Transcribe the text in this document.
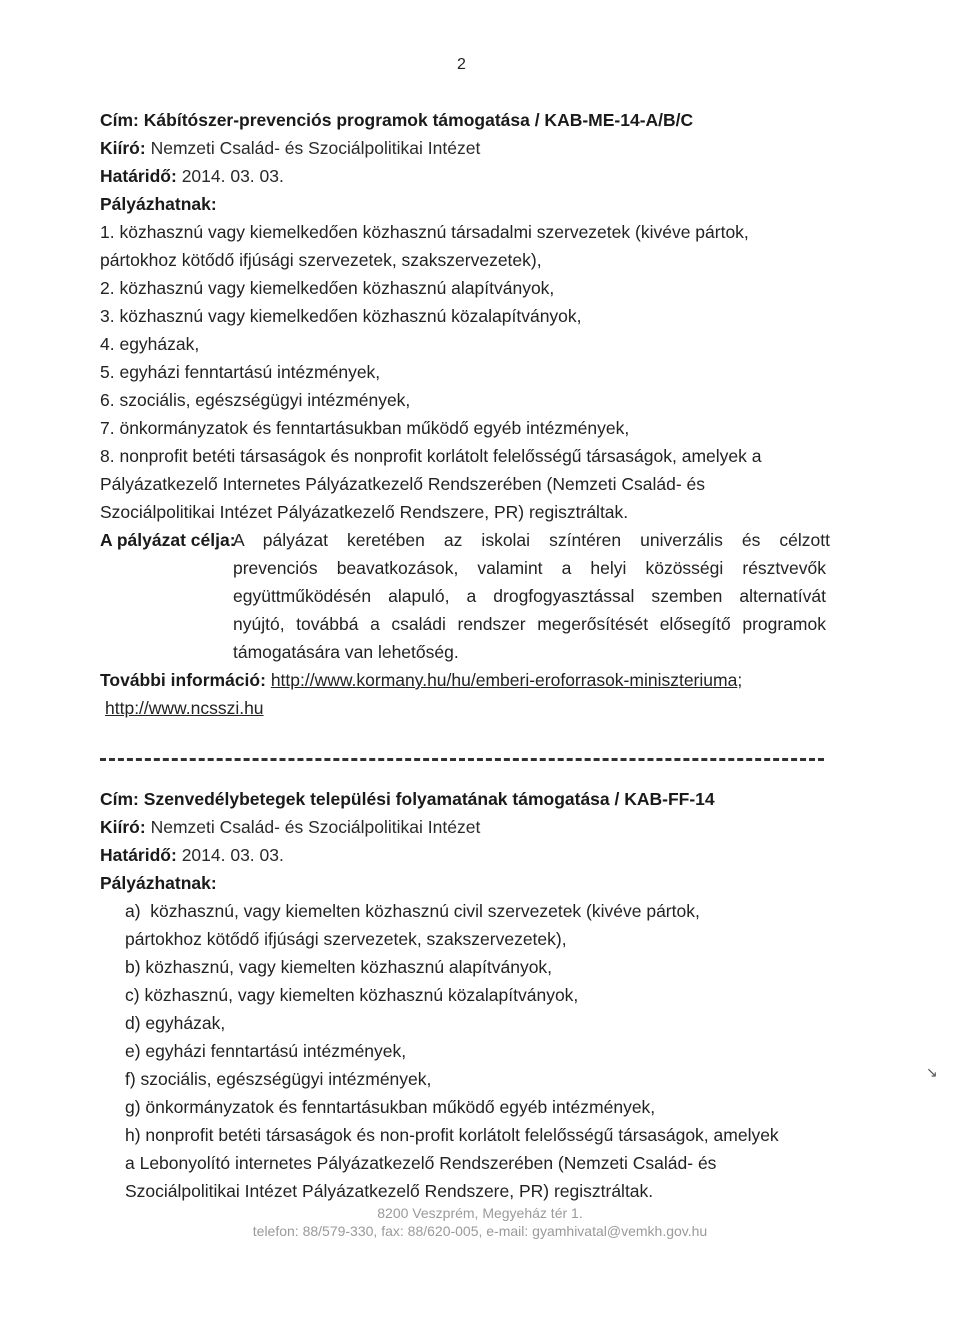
2
Cím: Kábítószer-prevenciós programok támogatása / KAB-ME-14-A/B/C
Kiíró: Nemzeti Család- és Szociálpolitikai Intézet
Határidő: 2014. 03. 03.
Pályázhatnak:
1. közhasznú vagy kiemelkedően közhasznú társadalmi szervezetek (kivéve pártok,
pártokhoz kötődő ifjúsági szervezetek, szakszervezetek),
2. közhasznú vagy kiemelkedően közhasznú alapítványok,
3. közhasznú vagy kiemelkedően közhasznú közalapítványok,
4. egyházak,
5. egyházi fenntartású intézmények,
6. szociális, egészségügyi intézmények,
7. önkormányzatok és fenntartásukban működő egyéb intézmények,
8. nonprofit betéti társaságok és nonprofit korlátolt felelősségű társaságok, amelyek a
Pályázatkezelő Internetes Pályázatkezelő Rendszerében (Nemzeti Család- és
Szociálpolitikai Intézet Pályázatkezelő Rendszere, PR) regisztráltak.
A pályázat célja:
A pályázat keretében az iskolai színtéren univerzális és célzott
prevenciós beavatkozások, valamint a helyi közösségi résztvevők
együttműködésén alapuló, a drogfogyasztással szemben alternatívát
nyújtó, továbbá a családi rendszer megerősítését elősegítő programok
támogatására van lehetőség.
További információ: http://www.kormany.hu/hu/emberi-eroforrasok-miniszteriuma;
http://www.ncsszi.hu
Cím: Szenvedélybetegek települési folyamatának támogatása / KAB-FF-14
Kiíró: Nemzeti Család- és Szociálpolitikai Intézet
Határidő: 2014. 03. 03.
Pályázhatnak:
a)  közhasznú, vagy kiemelten közhasznú civil szervezetek (kivéve pártok,
pártokhoz kötődő ifjúsági szervezetek, szakszervezetek),
b) közhasznú, vagy kiemelten közhasznú alapítványok,
c) közhasznú, vagy kiemelten közhasznú közalapítványok,
d) egyházak,
e) egyházi fenntartású intézmények,
f) szociális, egészségügyi intézmények,
g) önkormányzatok és fenntartásukban működő egyéb intézmények,
h) nonprofit betéti társaságok és non-profit korlátolt felelősségű társaságok, amelyek
a Lebonyolító internetes Pályázatkezelő Rendszerében (Nemzeti Család- és
Szociálpolitikai Intézet Pályázatkezelő Rendszere, PR) regisztráltak.
↘
8200 Veszprém, Megyeház tér 1.
telefon: 88/579-330, fax: 88/620-005, e-mail: gyamhivatal@vemkh.gov.hu
